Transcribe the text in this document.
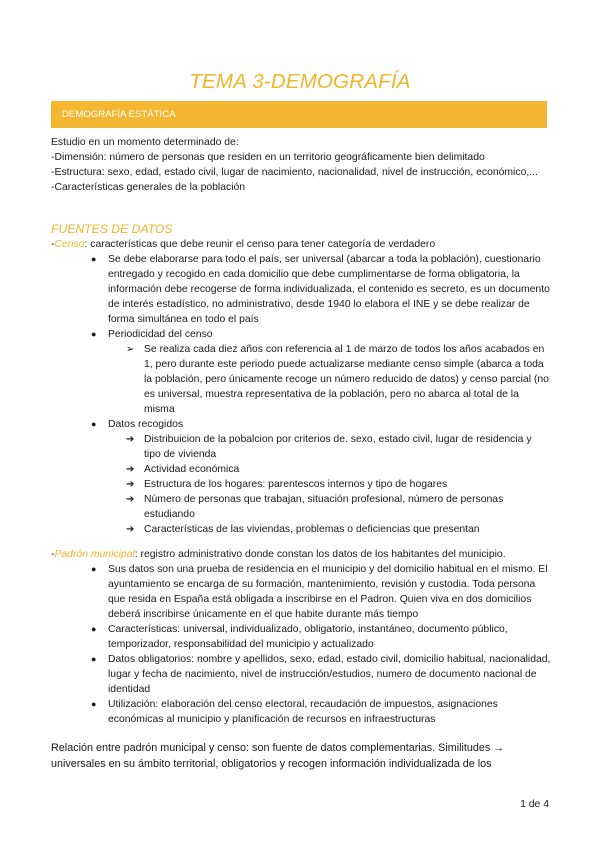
TEMA 3-DEMOGRAFÍA
DEMOGRAFÍA ESTÁTICA

Estudio en un momento determinado de:

-Dimensión: número de personas que residen en un territorio geográficamente bien delimitado

-Estructura: sexo, edad, estado civil, lugar de nacimiento, nacionalidad, nivel de instrucción, económico,...

-Características generales de la población

FUENTES DE DATOS
-Censo: características que debe reunir el censo para tener categoría de verdadero
● Se debe elaborarse para todo el país, ser universal (abarcar a toda la población), cuestionario entregado y recogido en cada domicilio que debe cumplimentarse de forma obligatoria, la información debe recogerse de forma individualizada, el contenido es secreto, es un documento de interés estadístico, no administrativo, desde 1940 lo elabora el INE y se debe realizar de forma simultánea en todo el país
● Periodicidad del censo
➢ Se realiza cada diez años con referencia al 1 de marzo de todos los años acabados en 1, pero durante este periodo puede actualizarse mediante censo simple (abarca a toda la población, pero únicamente recoge un número reducido de datos) y censo parcial (no es universal, muestra representativa de la población, pero no abarca al total de la misma
● Datos recogidos
➔ Distribuicion de la pobalcion por criterios de. sexo, estado civil, lugar de residencia y tipo de vivienda
➔ Actividad económica
➔ Estructura de los hogares: parentescos internos y tipo de hogares
➔ Número de personas que trabajan, situación profesional, número de personas estudiando
➔ Características de las viviendas, problemas o deficiencias que presentan
-Padrón municipal: registro administrativo donde constan los datos de los habitantes del municipio.
● Sus datos son una prueba de residencia en el municipio y del domicilio habitual en el mismo. El ayuntamiento se encarga de su formación, mantenimiento, revisión y custodia. Toda persona que resida en España está obligada a inscribirse en el Padron. Quien viva en dos domicilios deberá inscribirse únicamente en el que habite durante más tiempo
● Características: universal, individualizado, obligatorio, instantáneo, documento público, temporizador, responsabilidad del municipio y actualizado
● Datos obligatorios: nombre y apellidos, sexo, edad, estado civil, domicilio habitual, nacionalidad, lugar y fecha de nacimiento, nivel de instrucción/estudios, numero de documento nacional de identidad
● Utilización: elaboración del censo electoral, recaudación de impuestos, asignaciones económicas al municipio y planificación de recursos en infraestructuras

Relación entre padrón municipal y censo: son fuente de datos complementarias. Similitudes → universales en su ámbito territorial, obligatorios y recogen información individualizada de los

1 de 4
